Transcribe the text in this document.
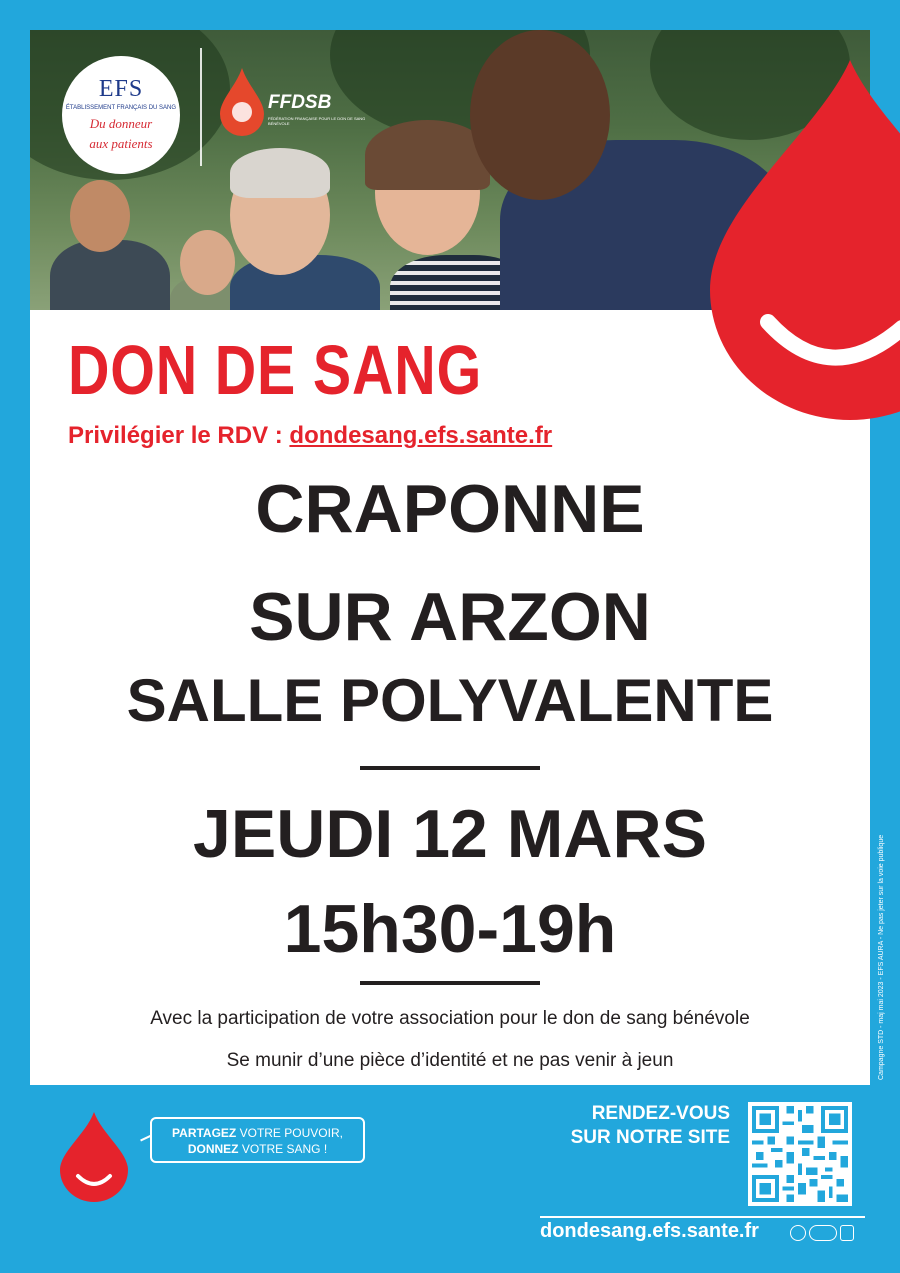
EFS
ÉTABLISSEMENT FRANÇAIS DU SANG
Du donneur
aux patients
FFDSB
FÉDÉRATION FRANÇAISE POUR LE DON DE SANG BÉNÉVOLE
DON DE SANG
Privilégier le RDV : dondesang.efs.sante.fr
CRAPONNE
SUR ARZON
SALLE POLYVALENTE
JEUDI 12 MARS
15h30-19h
Avec la participation de votre association pour le don de sang bénévole
Se munir d’une pièce d’identité et ne pas venir à jeun	Campagne STD - maj mai 2023 - EFS AURA - Ne pas jeter sur la voie publique
PARTAGEZ VOTRE POUVOIR,
DONNEZ VOTRE SANG !
RENDEZ-VOUS
SUR NOTRE SITE
dondesang.efs.sante.fr
